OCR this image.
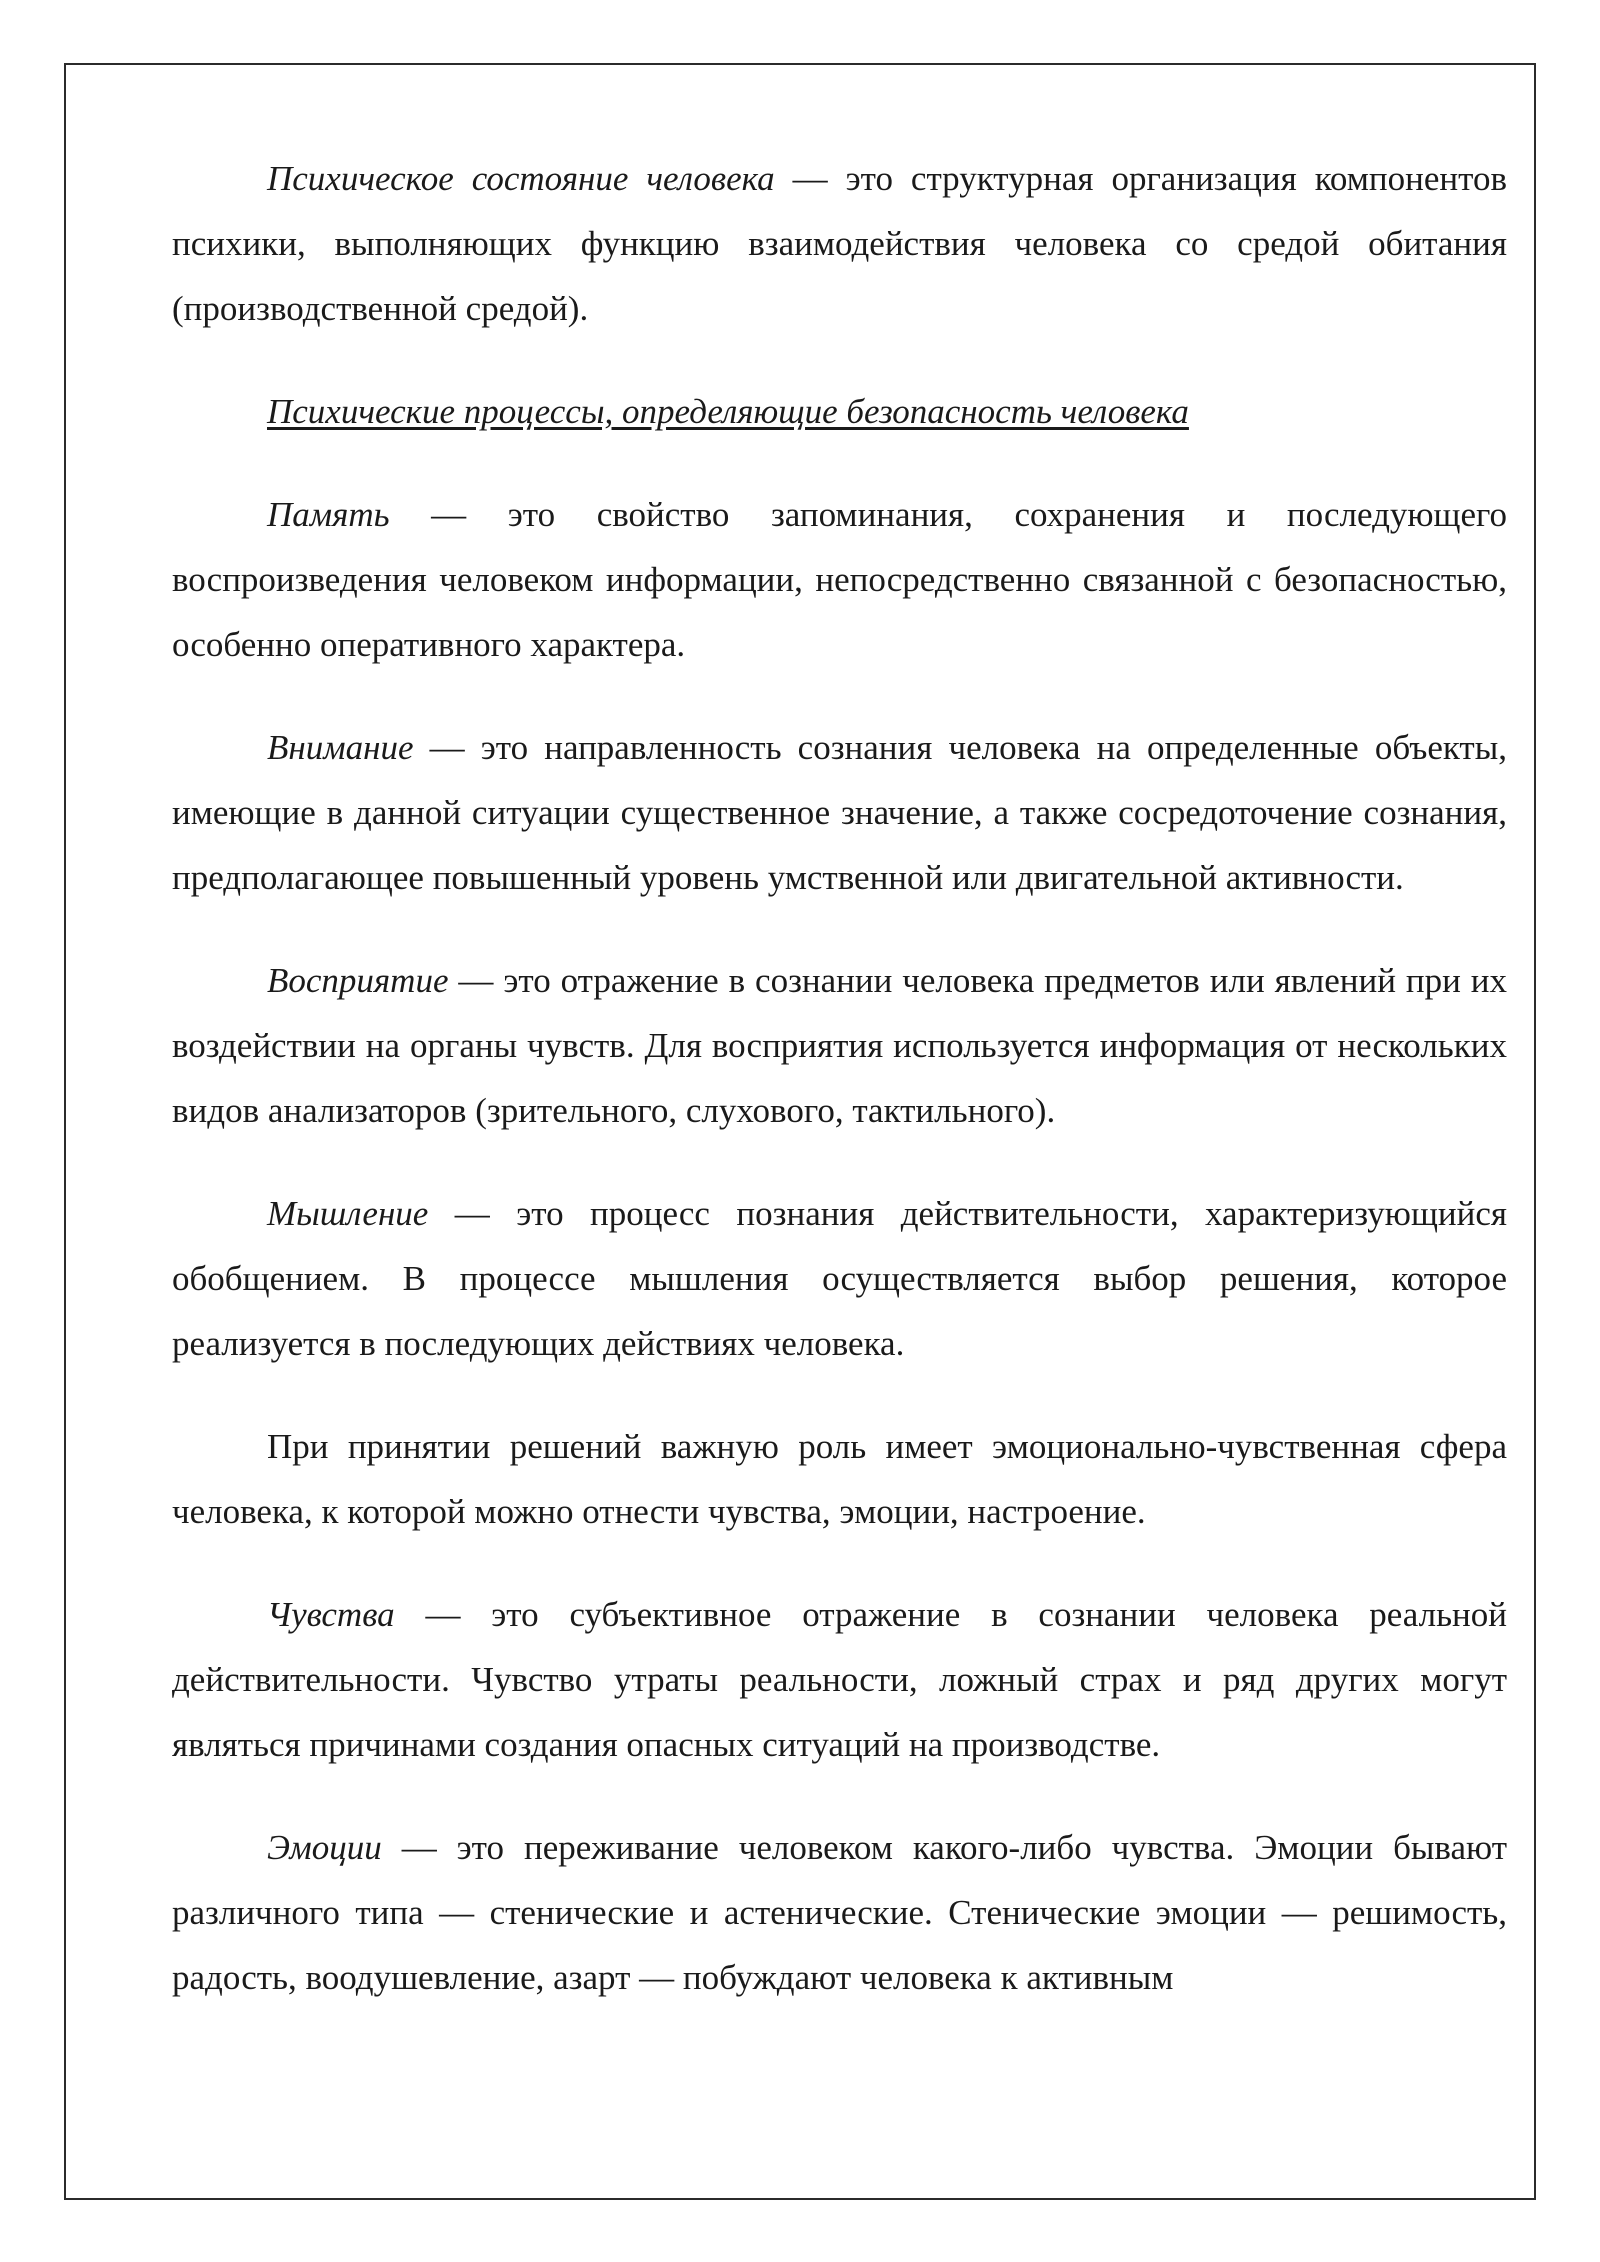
Психическое состояние человека — это структурная организация компонентов психики, выполняющих функцию взаимодействия человека со средой обитания (производственной средой).

Психические процессы, определяющие безопасность человека

Память — это свойство запоминания, сохранения и последующего воспроизведения человеком информации, непосредственно связанной с безопасностью, особенно оперативного характера.

Внимание — это направленность сознания человека на определенные объекты, имеющие в данной ситуации существенное значение, а также сосредоточение сознания, предполагающее повышенный уровень умственной или двигательной активности.

Восприятие — это отражение в сознании человека предметов или явлений при их воздействии на органы чувств. Для восприятия используется информация от нескольких видов анализаторов (зрительного, слухового, тактильного).

Мышление — это процесс познания действительности, характеризующийся обобщением. В процессе мышления осуществляется выбор решения, которое реализуется в последующих действиях человека.

При принятии решений важную роль имеет эмоционально-чувственная сфера человека, к которой можно отнести чувства, эмоции, настроение.

Чувства — это субъективное отражение в сознании человека реальной действительности. Чувство утраты реальности, ложный страх и ряд других могут являться причинами создания опасных ситуаций на производстве.

Эмоции — это переживание человеком какого-либо чувства. Эмоции бывают различного типа — стенические и астенические. Стенические эмоции — решимость, радость, воодушевление, азарт — побуждают человека к активным
